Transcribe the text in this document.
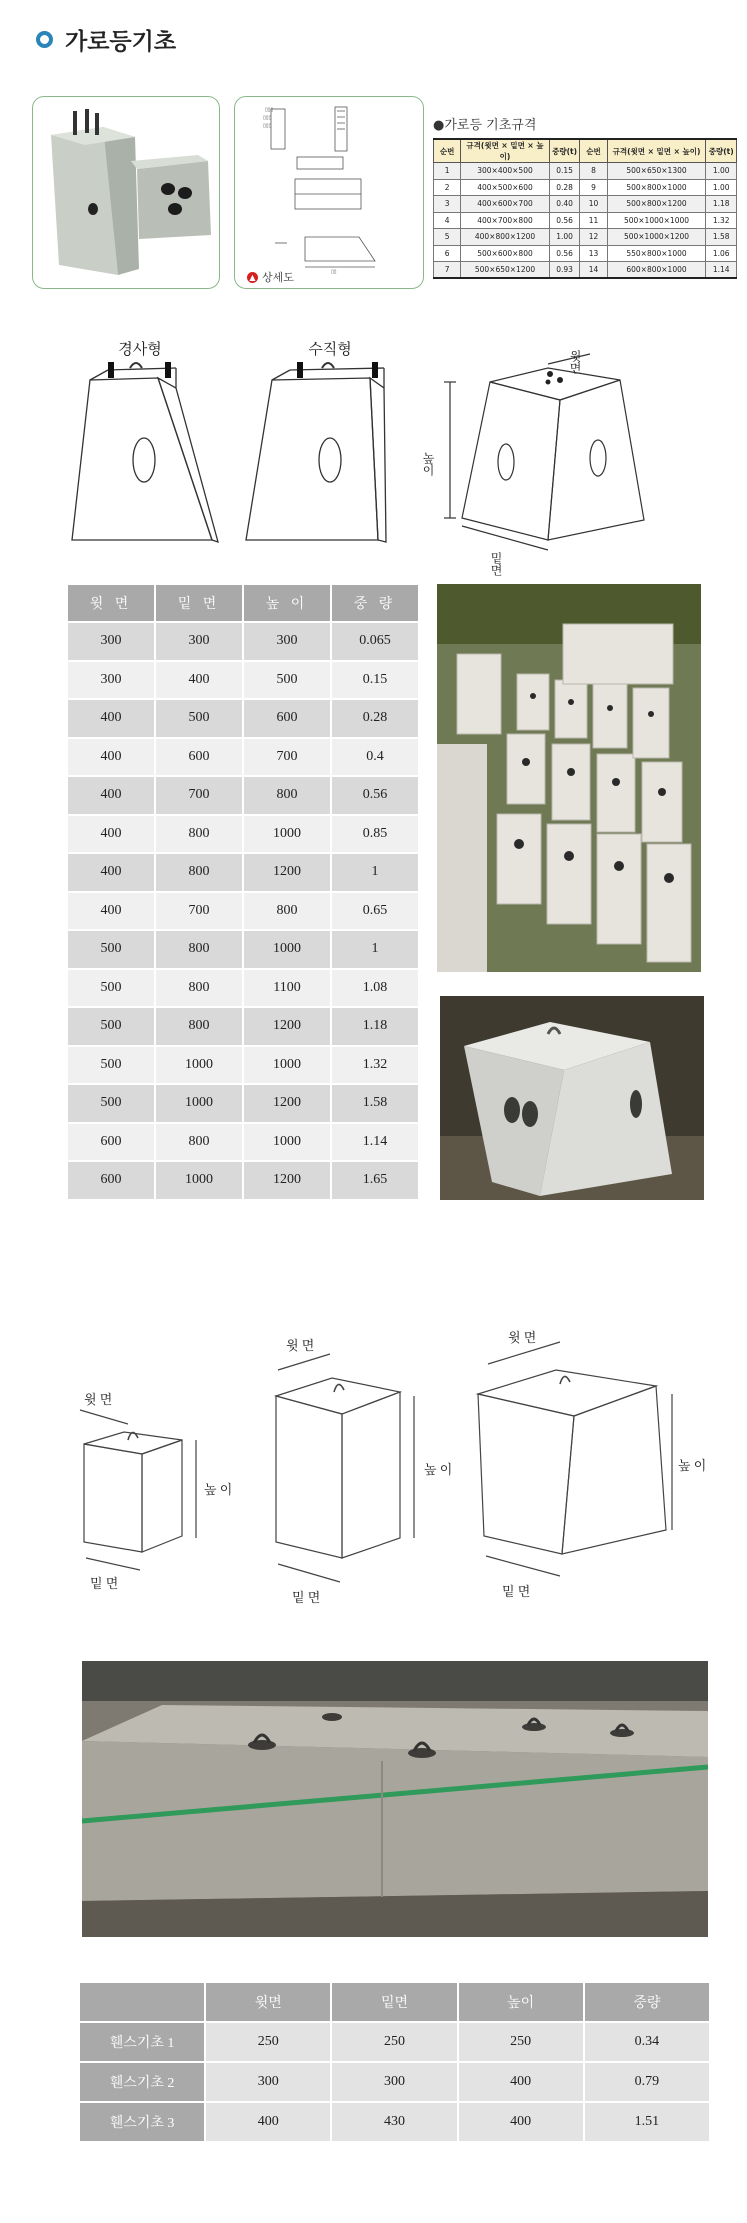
가로등기초
▯▯▯
▯▯▯
▯▯▯
▯▯
▲ 상세도
●가로등 기초규격
순번	규격(윗면 × 밑면 × 높이)	중량(t)	순번	규격(윗면 × 밑면 × 높이)	중량(t)
1	300×400×500	0.15	8	500×650×1300	1.00
2	400×500×600	0.28	9	500×800×1000	1.00
3	400×600×700	0.40	10	500×800×1200	1.18
4	400×700×800	0.56	11	500×1000×1000	1.32
5	400×800×1200	1.00	12	500×1000×1200	1.58
6	500×600×800	0.56	13	550×800×1000	1.06
7	500×650×1200	0.93	14	600×800×1000	1.14
경사형	수직형	윗면
높이
밑면
윗 면	밑 면	높 이	중 량
300	300	300	0.065
300	400	500	0.15
400	500	600	0.28
400	600	700	0.4
400	700	800	0.56
400	800	1000	0.85
400	800	1200	1
400	700	800	0.65
500	800	1000	1
500	800	1100	1.08
500	800	1200	1.18
500	1000	1000	1.32
500	1000	1200	1.58
600	800	1000	1.14
600	1000	1200	1.65
윗 면
높 이
밑 면
윗 면
높 이
밑 면
윗 면
높 이
밑 면
	윗면	밑면	높이	중량
휀스기초 1	250	250	250	0.34
휀스기초 2	300	300	400	0.79
휀스기초 3	400	430	400	1.51
